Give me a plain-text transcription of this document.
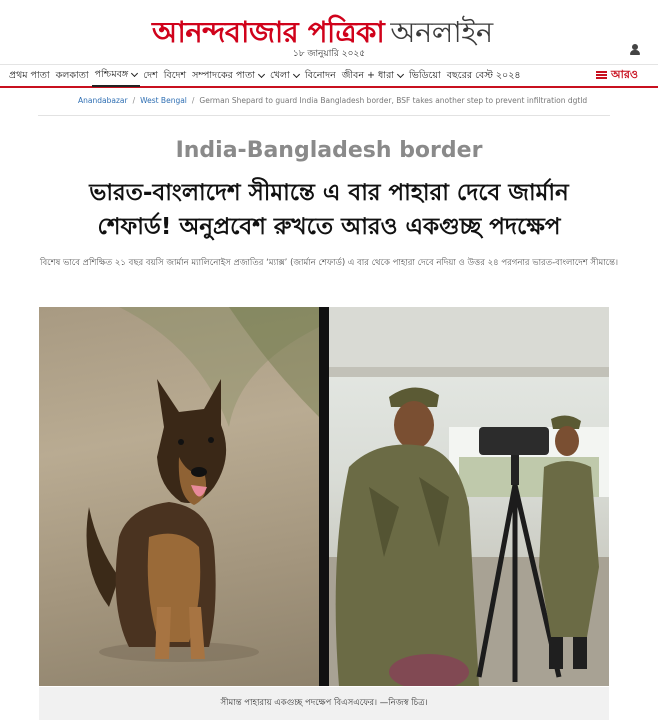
আনন্দবাজার পত্রিকা অনলাইন
১৮ জানুয়ারি ২০২৫
প্রথম পাতা কলকাতা পশ্চিমবঙ্গ দেশ বিদেশ সম্পাদকের পাতা খেলা বিনোদন জীবন + ধারা ভিডিয়ো বছরের বেস্ট ২০২৪	আরও
Anandabazar / West Bengal / German Shepard to guard India Bangladesh border, BSF takes another step to prevent infiltration dgtld
India-Bangladesh border
ভারত-বাংলাদেশ সীমান্তে এ বার পাহারা দেবে জার্মান শেফার্ড! অনুপ্রবেশ রুখতে আরও একগুচ্ছ পদক্ষেপ
বিশেষ ভাবে প্রশিক্ষিত ২১ বছর বয়সি জার্মান ম্যালিনোইস প্রজাতির ‘ম্যাক্স’ (জার্মান শেফার্ড) এ বার থেকে পাহারা দেবে নদিয়া ও উত্তর ২৪ পরগনার ভারত-বাংলাদেশ সীমান্তে।
সীমান্ত পাহারায় একগুচ্ছ পদক্ষেপ বিএসএফের। —নিজস্ব চিত্র।
